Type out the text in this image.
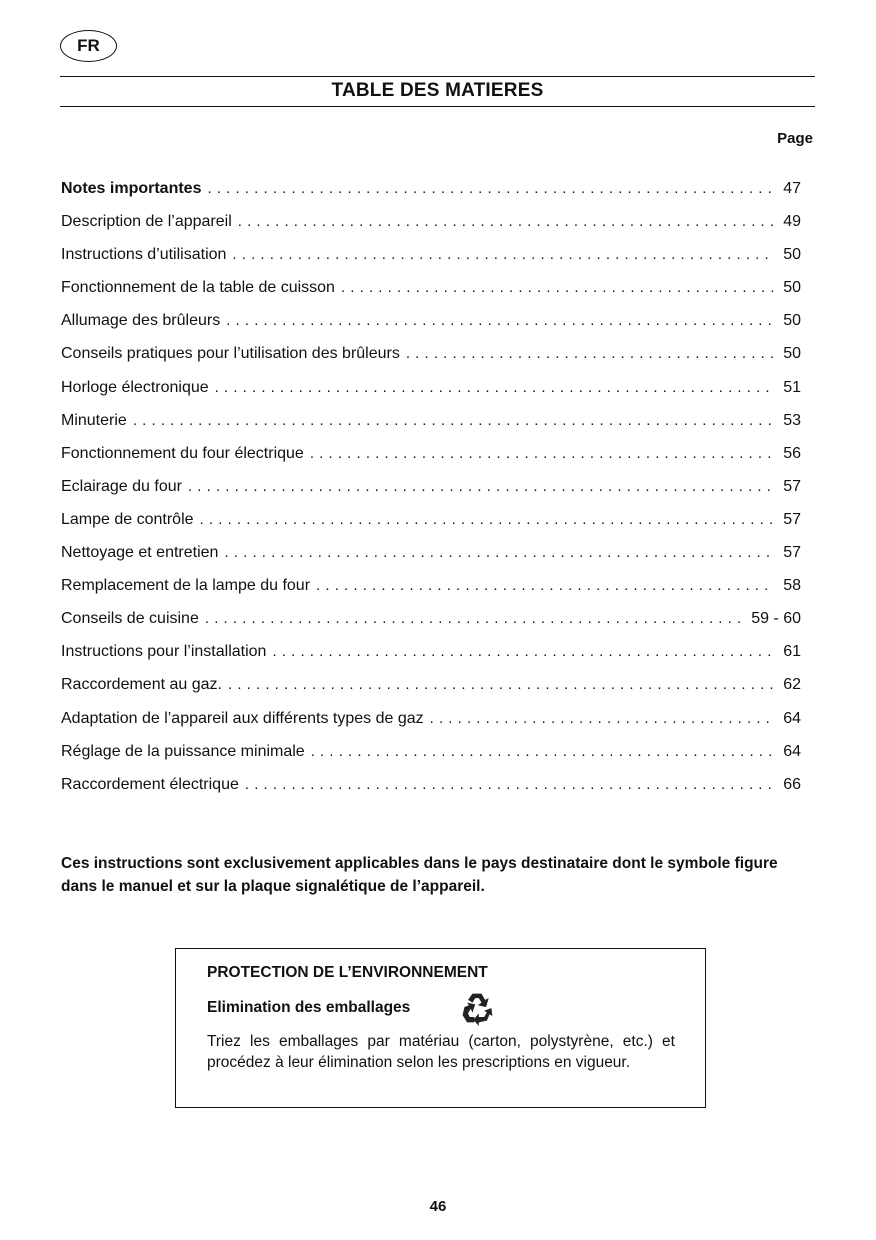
FR
TABLE DES MATIERES
Page
Notes importantes . . .	47
Description de l’appareil . . .	49
Instructions d’utilisation . . .	50
Fonctionnement de la table de cuisson . . .	50
Allumage des brûleurs . . .	50
Conseils pratiques pour l’utilisation des brûleurs . . .	50
Horloge électronique . . .	51
Minuterie . . .	53
Fonctionnement du four électrique . . .	56
Eclairage du four . . .	57
Lampe de contrôle . . .	57
Nettoyage et entretien . . .	57
Remplacement de la lampe du four . . .	58
Conseils de cuisine . . .	59 - 60
Instructions pour l’installation . . .	61
Raccordement au gaz. . . .	62
Adaptation de l’appareil aux différents types de gaz . . .	64
Réglage de la puissance minimale . . .	64
Raccordement électrique . . .	66
Ces instructions sont exclusivement applicables dans le pays destinataire dont le symbole figure dans le manuel et sur la plaque signalétique de l’appareil.
PROTECTION DE L’ENVIRONNEMENT
Elimination des emballages
Triez les emballages par matériau (carton, polystyrène, etc.) et procédez à leur élimination selon les prescriptions en vigueur.
46
